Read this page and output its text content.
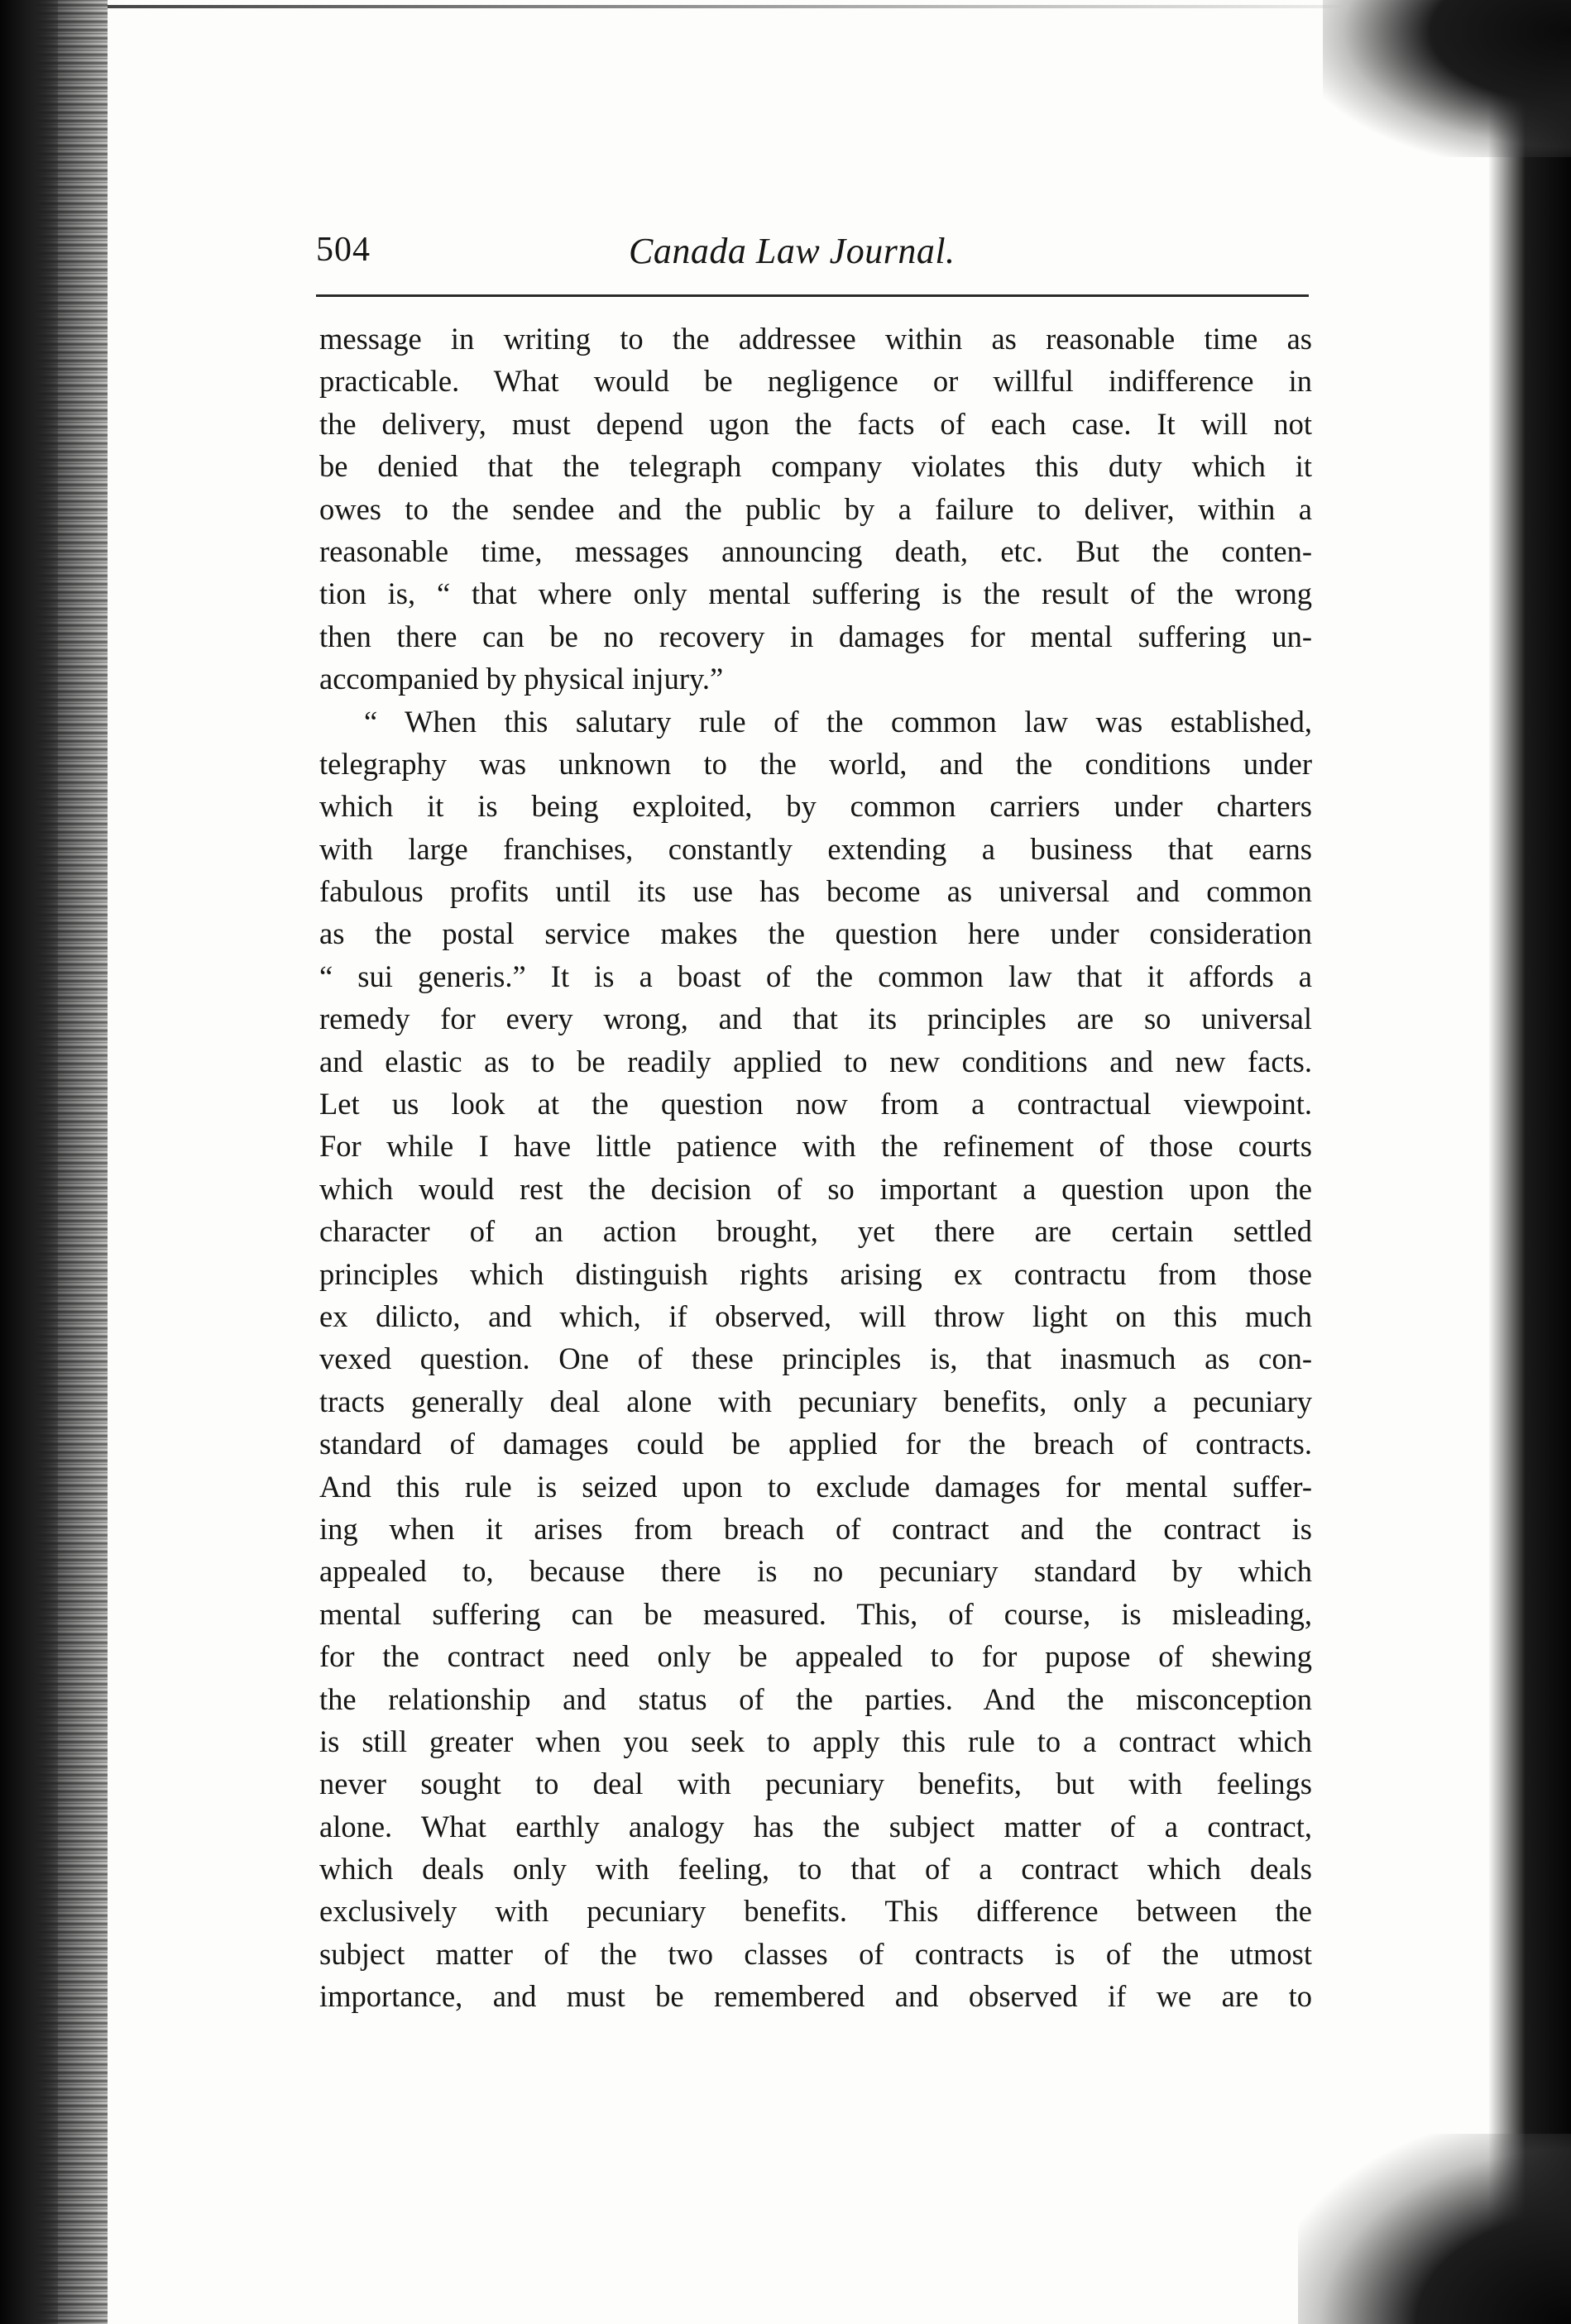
504	Canada Law Journal.
message in writing to the addressee within as reasonable time as
practicable. What would be negligence or willful indifference in
the delivery, must depend ugon the facts of each case. It will not
be denied that the telegraph company violates this duty which it
owes to the sendee and the public by a failure to deliver, within a
reasonable time, messages announcing death, etc. But the conten-
tion is, “ that where only mental suffering is the result of the wrong
then there can be no recovery in damages for mental suffering un-
accompanied by physical injury.”
“ When this salutary rule of the common law was established,
telegraphy was unknown to the world, and the conditions under
which it is being exploited, by common carriers under charters
with large franchises, constantly extending a business that earns
fabulous profits until its use has become as universal and common
as the postal service makes the question here under consideration
“ sui generis.” It is a boast of the common law that it affords a
remedy for every wrong, and that its principles are so universal
and elastic as to be readily applied to new conditions and new facts.
Let us look at the question now from a contractual viewpoint.
For while I have little patience with the refinement of those courts
which would rest the decision of so important a question upon the
character of an action brought, yet there are certain settled
principles which distinguish rights arising ex contractu from those
ex dilicto, and which, if observed, will throw light on this much
vexed question. One of these principles is, that inasmuch as con-
tracts generally deal alone with pecuniary benefits, only a pecuniary
standard of damages could be applied for the breach of contracts.
And this rule is seized upon to exclude damages for mental suffer-
ing when it arises from breach of contract and the contract is
appealed to, because there is no pecuniary standard by which
mental suffering can be measured. This, of course, is misleading,
for the contract need only be appealed to for pupose of shewing
the relationship and status of the parties. And the misconception
is still greater when you seek to apply this rule to a contract which
never sought to deal with pecuniary benefits, but with feelings
alone. What earthly analogy has the subject matter of a contract,
which deals only with feeling, to that of a contract which deals
exclusively with pecuniary benefits. This difference between the
subject matter of the two classes of contracts is of the utmost
importance, and must be remembered and observed if we are to
